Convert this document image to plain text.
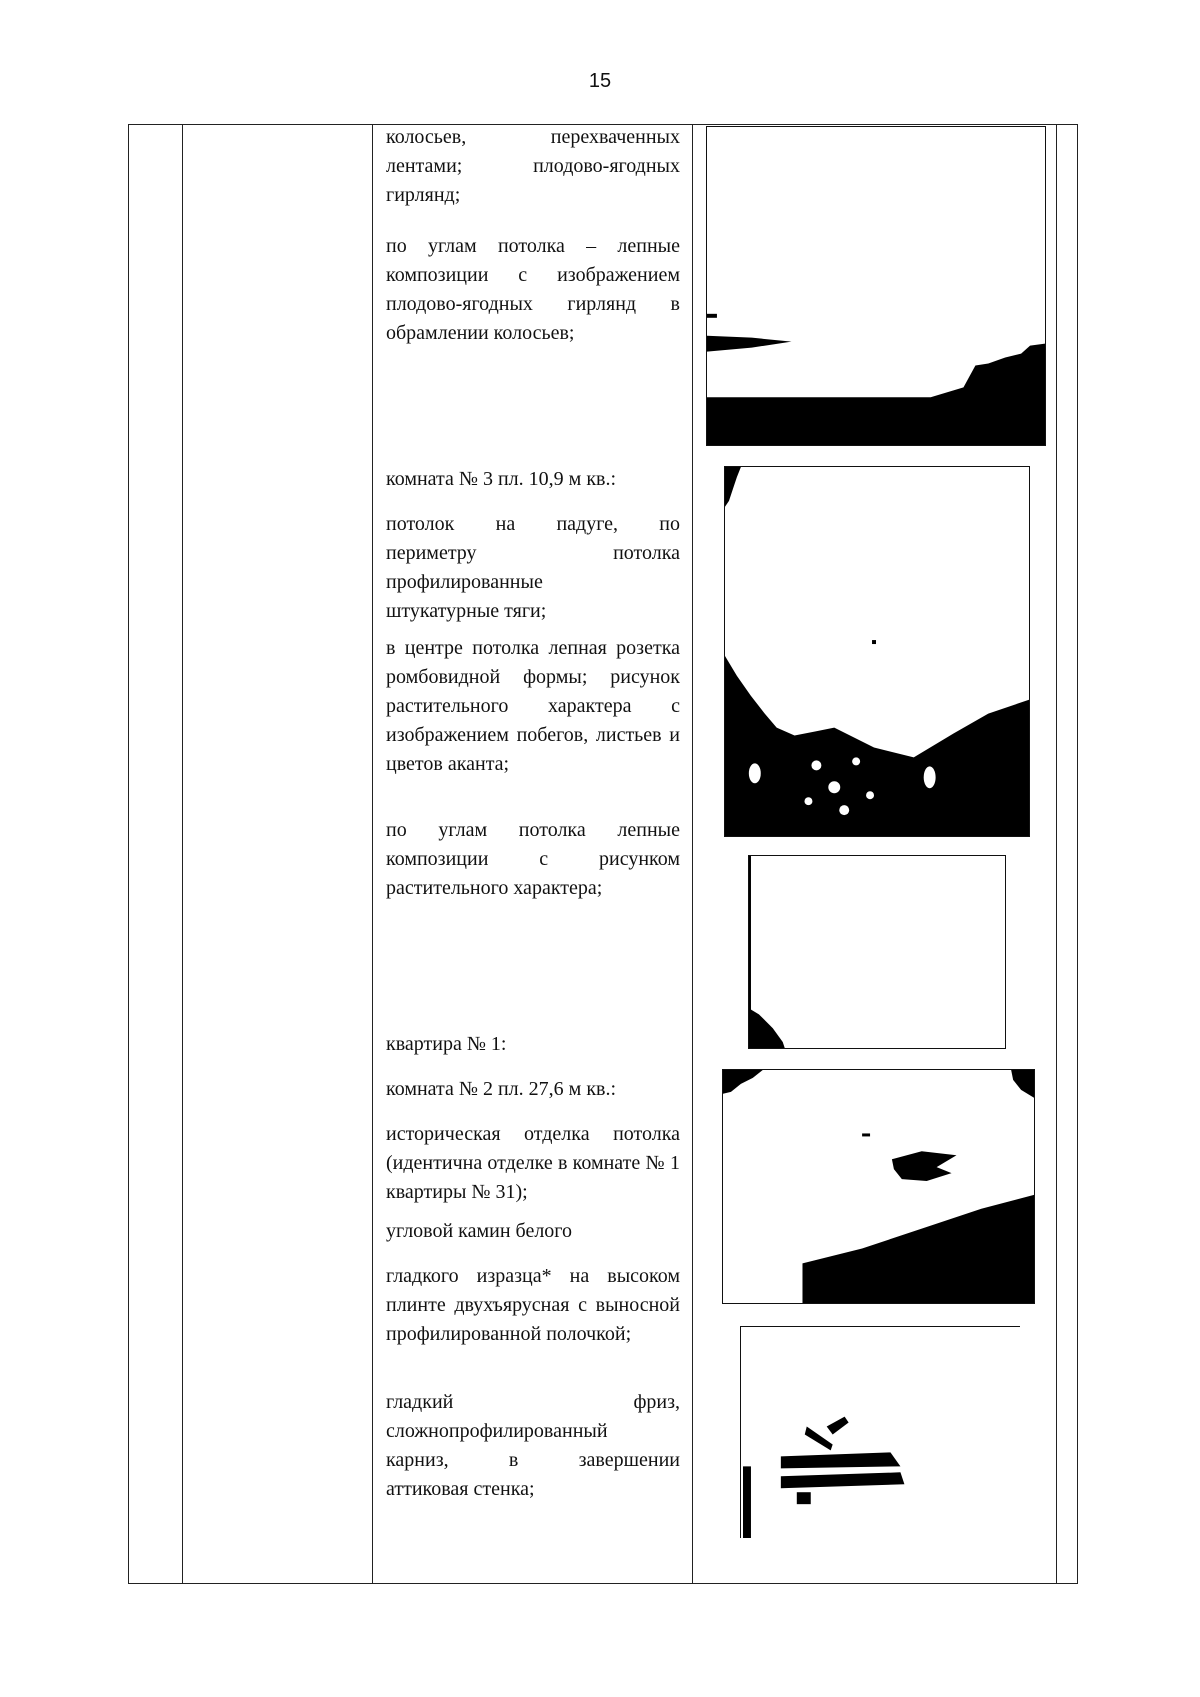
15
колосьев,	перехваченных
лентами;	плодово-ягодных
гирлянд;

по углам потолка – лепные композиции с изображением плодово-ягодных гирлянд в обрамлении колосьев;

комната № 3 пл. 10,9 м кв.:

потолок на падуге, по
периметру	потолка
профилированные
штукатурные тяги;

в центре потолка лепная розетка ромбовидной формы; рисунок растительного характера с изображением побегов, листьев и цветов аканта;

по углам потолка лепные композиции с рисунком растительного характера;

квартира № 1:

комната № 2 пл. 27,6 м кв.:

историческая отделка потолка (идентична отделке в комнате № 1 квартиры № 31);

угловой камин белого

гладкого изразца* на высоком плинте двухъярусная с выносной профилированной полочкой;

гладкий	фриз,
сложнопрофилированный
карниз,	в	завершении
аттиковая стенка;
